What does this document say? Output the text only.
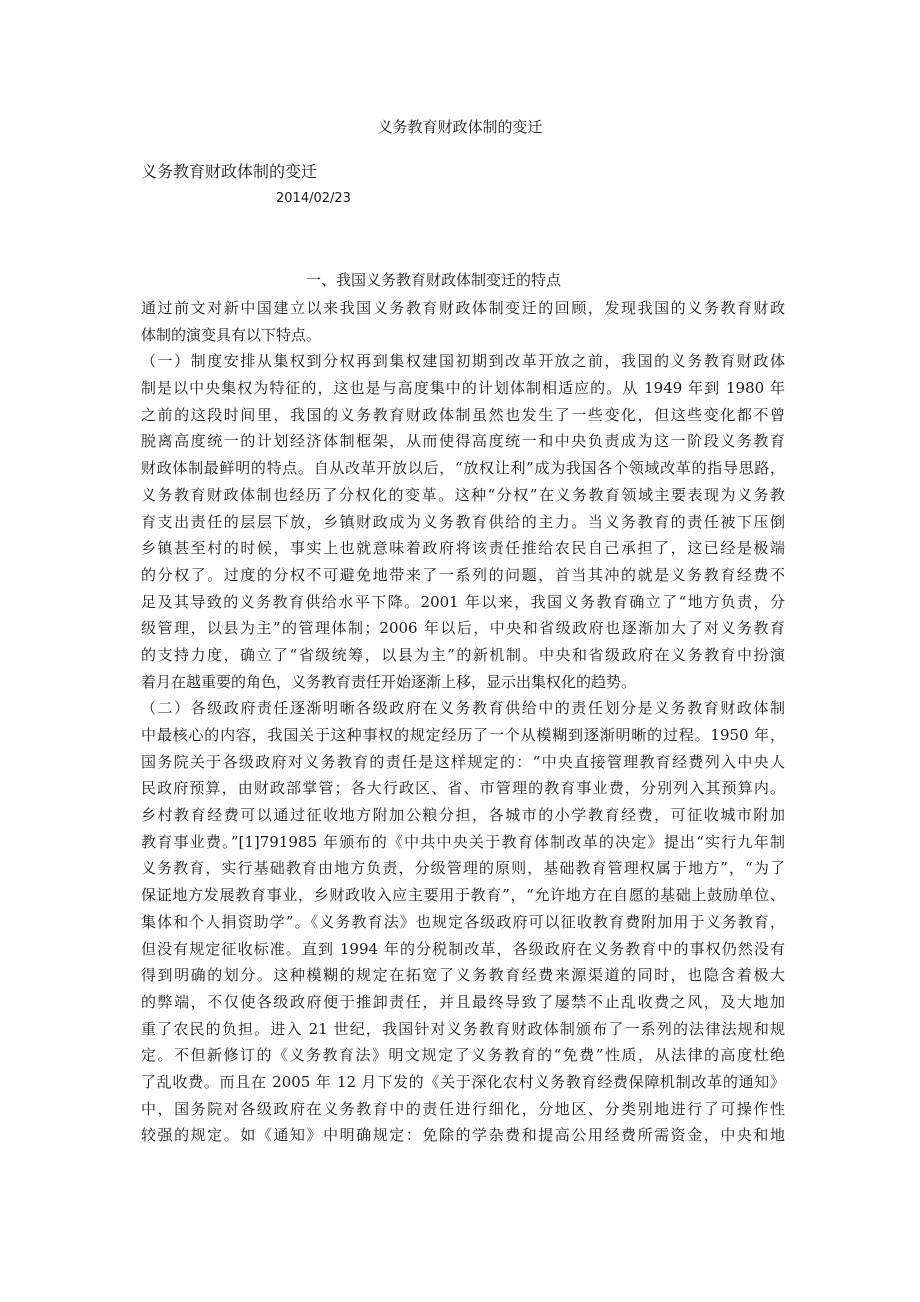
义务教育财政体制的变迁
义务教育财政体制的变迁
2014/02/23
一、我国义务教育财政体制变迁的特点
通过前文对新中国建立以来我国义务教育财政体制变迁的回顾，发现我国的义务教育财政
体制的演变具有以下特点。
（一）制度安排从集权到分权再到集权建国初期到改革开放之前，我国的义务教育财政体
制是以中央集权为特征的，这也是与高度集中的计划体制相适应的。从 1949 年到 1980 年
之前的这段时间里，我国的义务教育财政体制虽然也发生了一些变化，但这些变化都不曾
脱离高度统一的计划经济体制框架，从而使得高度统一和中央负责成为这一阶段义务教育
财政体制最鲜明的特点。自从改革开放以后，“放权让利”成为我国各个领域改革的指导思路，
义务教育财政体制也经历了分权化的变革。这种“分权”在义务教育领域主要表现为义务教
育支出责任的层层下放，乡镇财政成为义务教育供给的主力。当义务教育的责任被下压倒
乡镇甚至村的时候，事实上也就意味着政府将该责任推给农民自己承担了，这已经是极端
的分权了。过度的分权不可避免地带来了一系列的问题，首当其冲的就是义务教育经费不
足及其导致的义务教育供给水平下降。2001 年以来，我国义务教育确立了“地方负责，分
级管理，以县为主”的管理体制；2006 年以后，中央和省级政府也逐渐加大了对义务教育
的支持力度，确立了“省级统筹，以县为主”的新机制。中央和省级政府在义务教育中扮演
着月在越重要的角色，义务教育责任开始逐渐上移，显示出集权化的趋势。
（二）各级政府责任逐渐明晰各级政府在义务教育供给中的责任划分是义务教育财政体制
中最核心的内容，我国关于这种事权的规定经历了一个从模糊到逐渐明晰的过程。1950 年，
国务院关于各级政府对义务教育的责任是这样规定的：“中央直接管理教育经费列入中央人
民政府预算，由财政部掌管；各大行政区、省、市管理的教育事业费，分别列入其预算内。
乡村教育经费可以通过征收地方附加公粮分担，各城市的小学教育经费，可征收城市附加
教育事业费。”[1]791985 年颁布的《中共中央关于教育体制改革的决定》提出“实行九年制
义务教育，实行基础教育由地方负责，分级管理的原则，基础教育管理权属于地方”，“为了
保证地方发展教育事业，乡财政收入应主要用于教育”，“允许地方在自愿的基础上鼓励单位、
集体和个人捐资助学”。《义务教育法》也规定各级政府可以征收教育费附加用于义务教育，
但没有规定征收标准。直到 1994 年的分税制改革，各级政府在义务教育中的事权仍然没有
得到明确的划分。这种模糊的规定在拓宽了义务教育经费来源渠道的同时，也隐含着极大
的弊端，不仅使各级政府便于推卸责任，并且最终导致了屡禁不止乱收费之风，及大地加
重了农民的负担。进入 21 世纪，我国针对义务教育财政体制颁布了一系列的法律法规和规
定。不但新修订的《义务教育法》明文规定了义务教育的“免费”性质，从法律的高度杜绝
了乱收费。而且在 2005 年 12 月下发的《关于深化农村义务教育经费保障机制改革的通知》
中，国务院对各级政府在义务教育中的责任进行细化，分地区、分类别地进行了可操作性
较强的规定。如《通知》中明确规定：免除的学杂费和提高公用经费所需资金，中央和地
